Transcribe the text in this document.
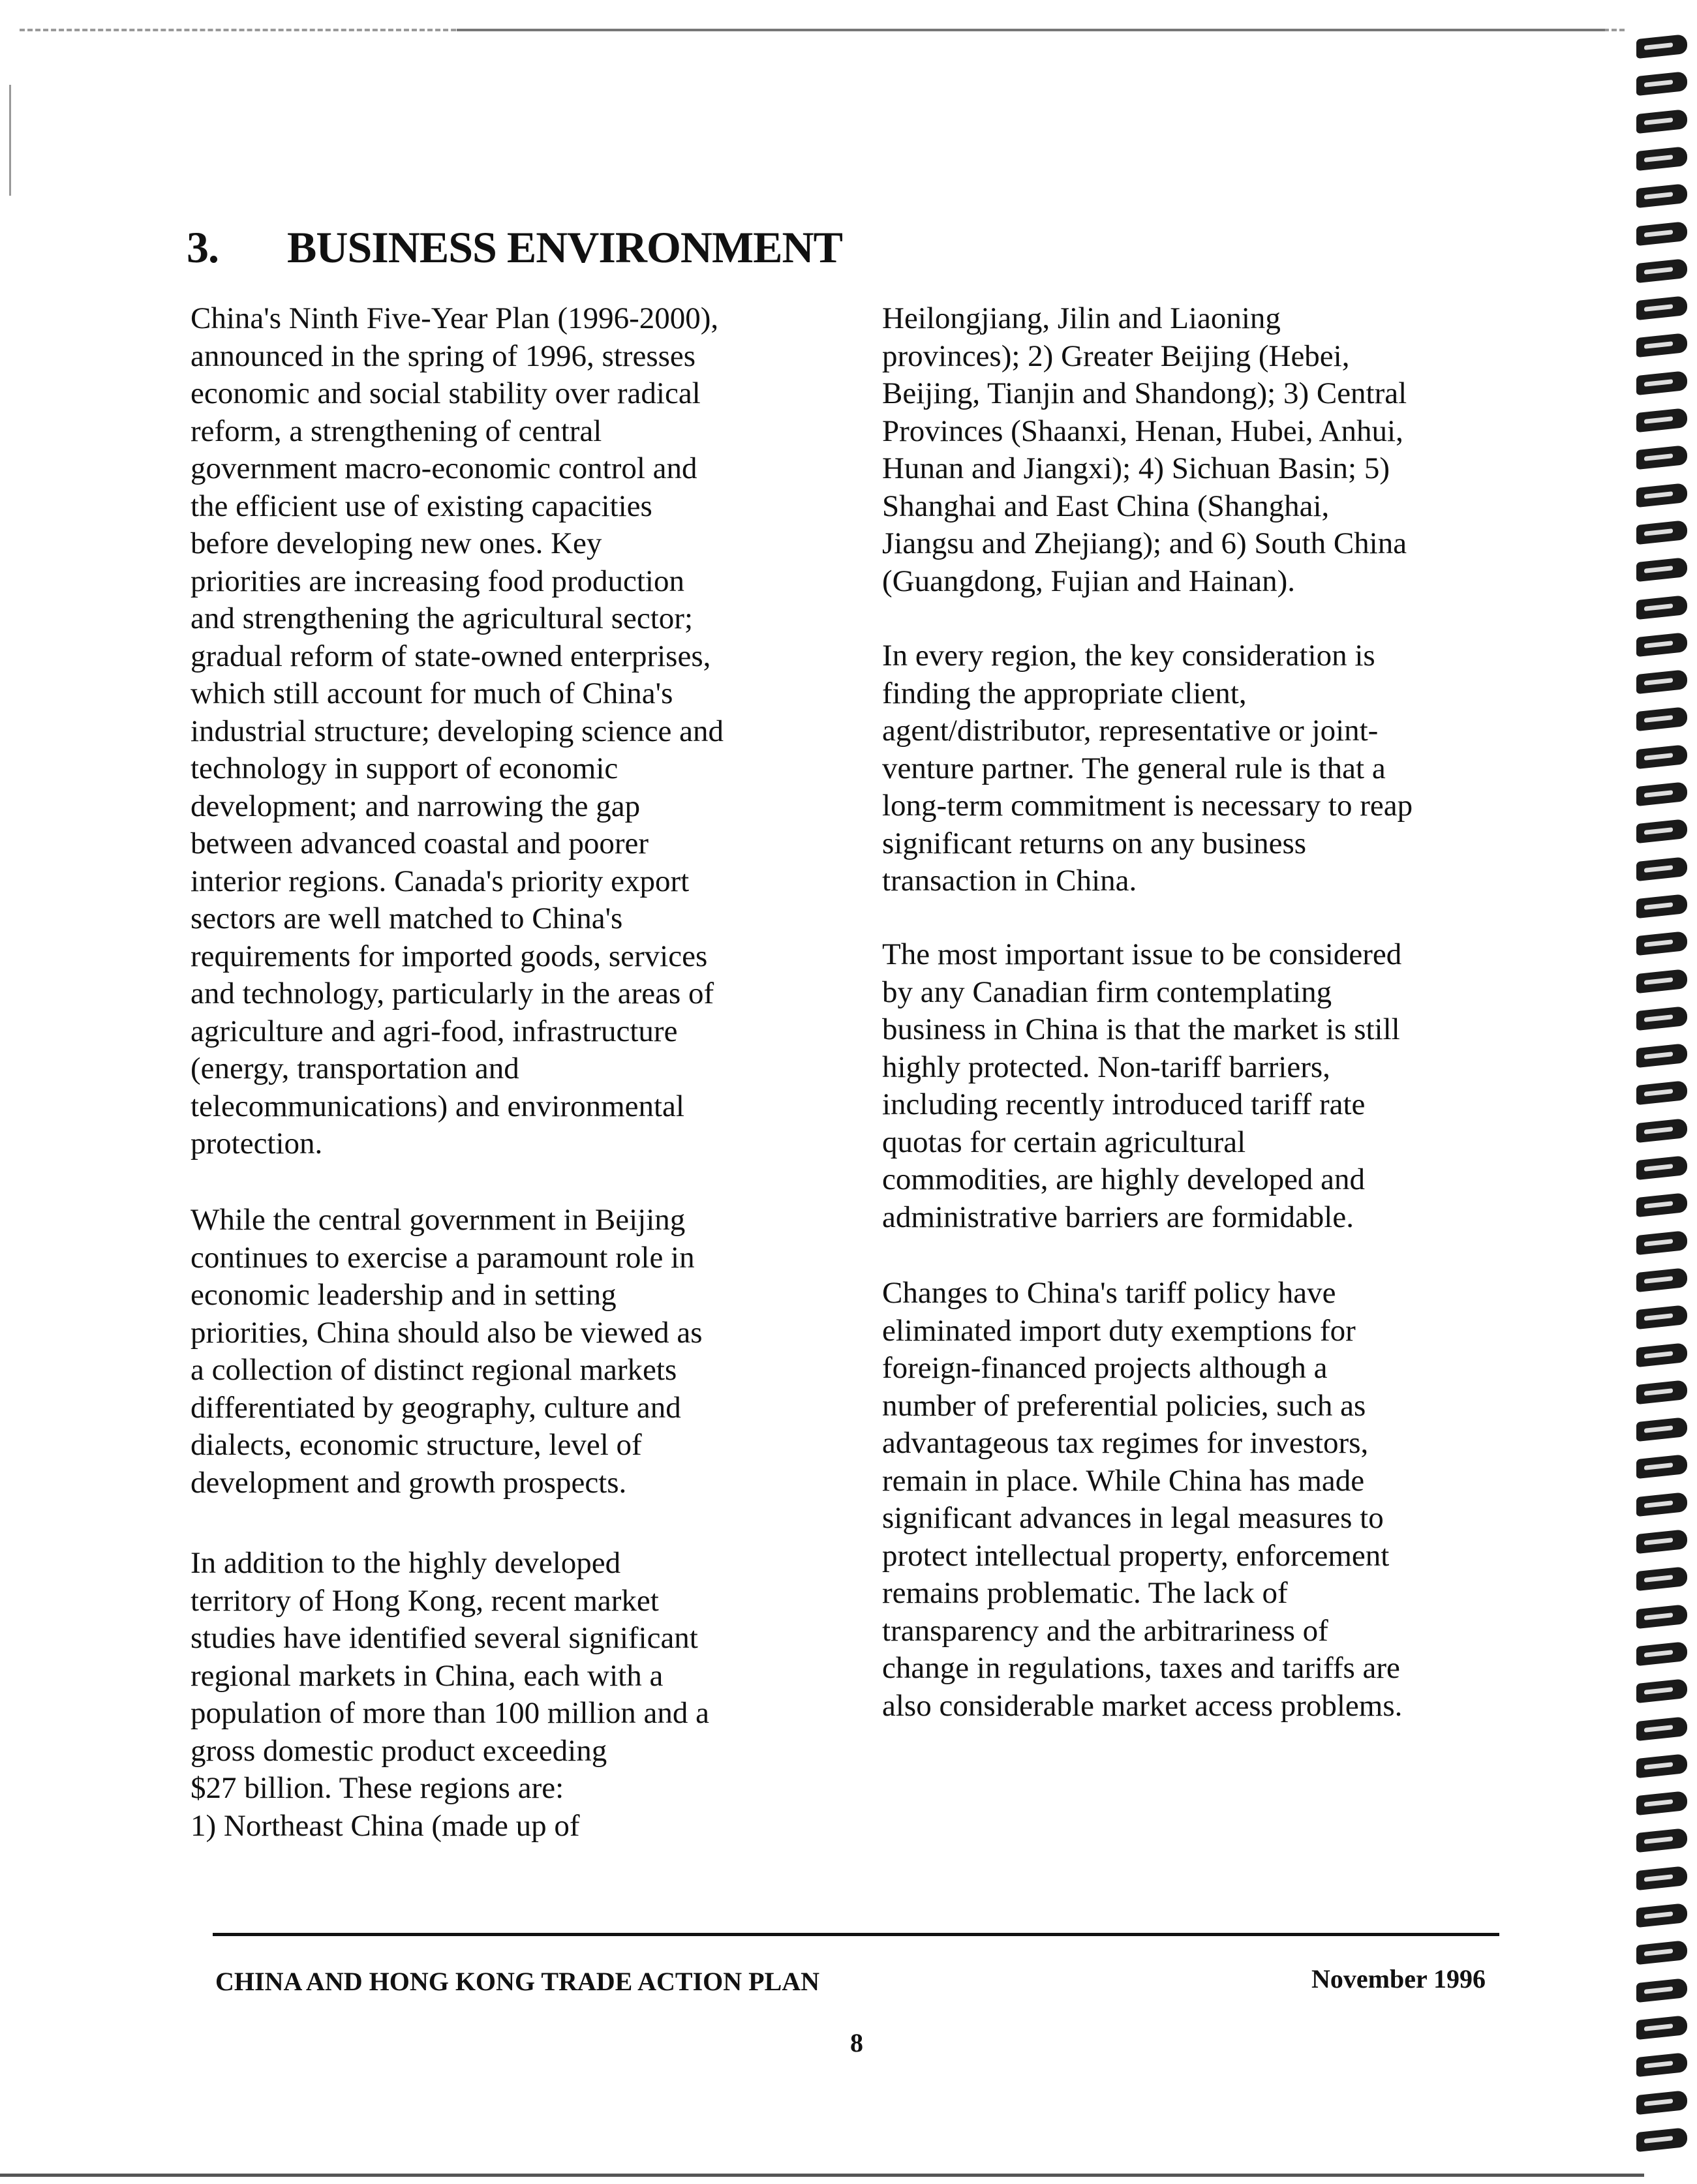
3. BUSINESS ENVIRONMENT

China's Ninth Five-Year Plan (1996-2000),
announced in the spring of 1996, stresses
economic and social stability over radical
reform, a strengthening of central
government macro-economic control and
the efficient use of existing capacities
before developing new ones. Key
priorities are increasing food production
and strengthening the agricultural sector;
gradual reform of state-owned enterprises,
which still account for much of China's
industrial structure; developing science and
technology in support of economic
development; and narrowing the gap
between advanced coastal and poorer
interior regions. Canada's priority export
sectors are well matched to China's
requirements for imported goods, services
and technology, particularly in the areas of
agriculture and agri-food, infrastructure
(energy, transportation and
telecommunications) and environmental
protection.

While the central government in Beijing
continues to exercise a paramount role in
economic leadership and in setting
priorities, China should also be viewed as
a collection of distinct regional markets
differentiated by geography, culture and
dialects, economic structure, level of
development and growth prospects.

In addition to the highly developed
territory of Hong Kong, recent market
studies have identified several significant
regional markets in China, each with a
population of more than 100 million and a
gross domestic product exceeding
$27 billion. These regions are:
1) Northeast China (made up of

Heilongjiang, Jilin and Liaoning
provinces); 2) Greater Beijing (Hebei,
Beijing, Tianjin and Shandong); 3) Central
Provinces (Shaanxi, Henan, Hubei, Anhui,
Hunan and Jiangxi); 4) Sichuan Basin; 5)
Shanghai and East China (Shanghai,
Jiangsu and Zhejiang); and 6) South China
(Guangdong, Fujian and Hainan).

In every region, the key consideration is
finding the appropriate client,
agent/distributor, representative or joint-
venture partner. The general rule is that a
long-term commitment is necessary to reap
significant returns on any business
transaction in China.

The most important issue to be considered
by any Canadian firm contemplating
business in China is that the market is still
highly protected. Non-tariff barriers,
including recently introduced tariff rate
quotas for certain agricultural
commodities, are highly developed and
administrative barriers are formidable.

Changes to China's tariff policy have
eliminated import duty exemptions for
foreign-financed projects although a
number of preferential policies, such as
advantageous tax regimes for investors,
remain in place. While China has made
significant advances in legal measures to
protect intellectual property, enforcement
remains problematic. The lack of
transparency and the arbitrariness of
change in regulations, taxes and tariffs are
also considerable market access problems.

CHINA AND HONG KONG TRADE ACTION PLAN	November 1996
8
